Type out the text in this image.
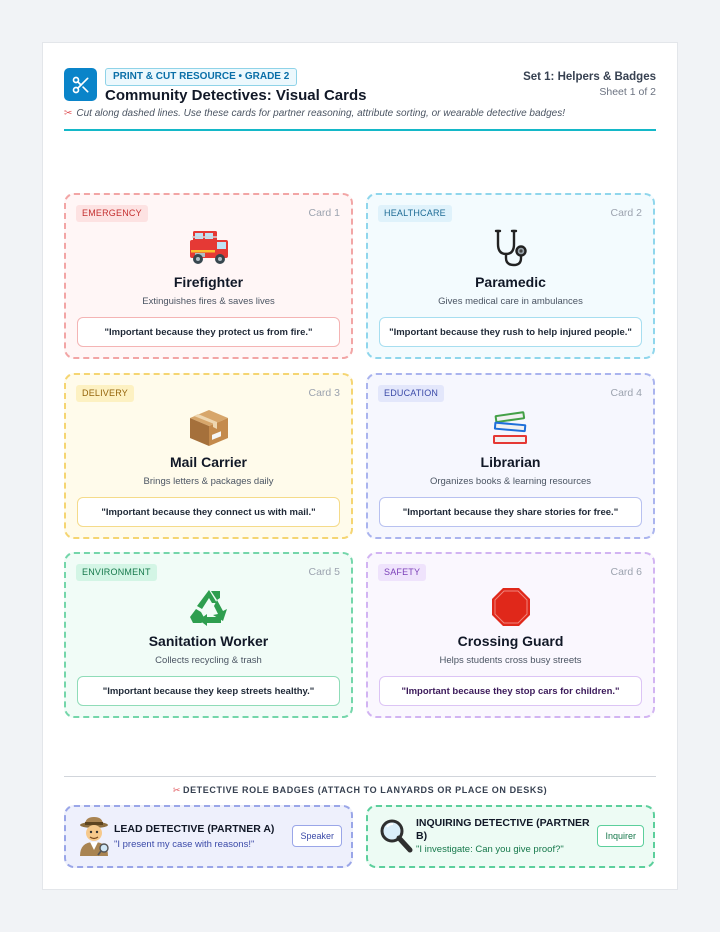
PRINT & CUT RESOURCE • GRADE 2
Community Detectives: Visual Cards
Set 1: Helpers & Badges
Sheet 1 of 2
✂ Cut along dashed lines. Use these cards for partner reasoning, attribute sorting, or wearable detective badges!
EMERGENCY	Card 1
Firefighter
Extinguishes fires & saves lives
"Important because they protect us from fire."
HEALTHCARE	Card 2
Paramedic
Gives medical care in ambulances
"Important because they rush to help injured people."
DELIVERY	Card 3
Mail Carrier
Brings letters & packages daily
"Important because they connect us with mail."
EDUCATION	Card 4
Librarian
Organizes books & learning resources
"Important because they share stories for free."
ENVIRONMENT	Card 5
Sanitation Worker
Collects recycling & trash
"Important because they keep streets healthy."
SAFETY	Card 6
Crossing Guard
Helps students cross busy streets
"Important because they stop cars for children."
✂ DETECTIVE ROLE BADGES (ATTACH TO LANYARDS OR PLACE ON DESKS)
LEAD DETECTIVE (PARTNER A)
"I present my case with reasons!"
Speaker
INQUIRING DETECTIVE (PARTNER B)
"I investigate: Can you give proof?"
Inquirer
